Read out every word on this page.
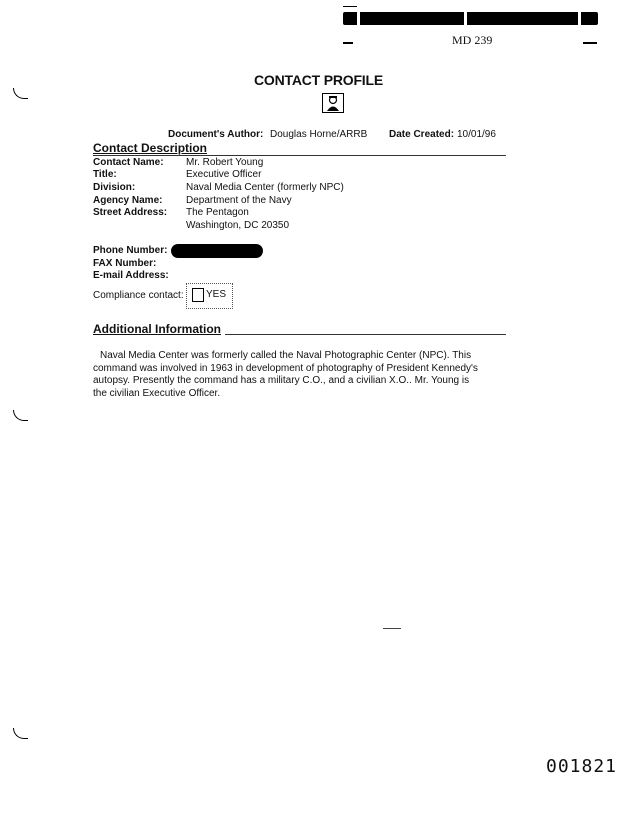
MD 239
CONTACT PROFILE
Document's Author: Douglas Horne/ARRB Date Created: 10/01/96
Contact Description
Contact Name: Mr. Robert Young
Title:	Executive Officer
Division:	Naval Media Center (formerly NPC)
Agency Name: Department of the Navy
Street Address: The Pentagon
Washington, DC 20350
Phone Number:
FAX Number:
E-mail Address:
Compliance contact: YES
Additional Information
Naval Media Center was formerly called the Naval Photographic Center (NPC). This
command was involved in 1963 in development of photography of President Kennedy's
autopsy. Presently the command has a military C.O., and a civilian X.O.. Mr. Young is
the civilian Executive Officer.
001821
